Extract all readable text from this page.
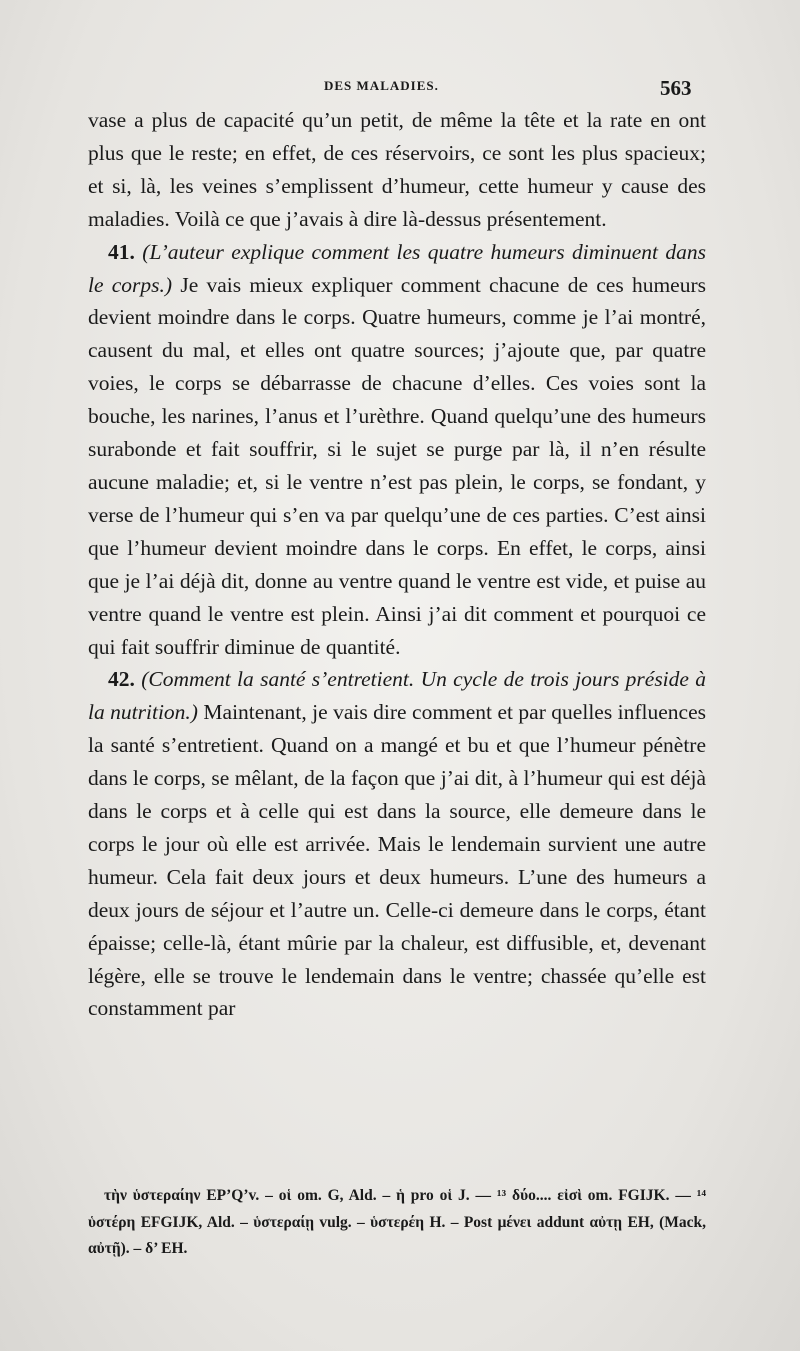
DES MALADIES.	563

vase a plus de capacité qu’un petit, de même la tête et la rate en ont plus que le reste; en effet, de ces réservoirs, ce sont les plus spacieux; et si, là, les veines s’emplissent d’humeur, cette humeur y cause des maladies. Voilà ce que j’avais à dire là-dessus présentement.

41. (L’auteur explique comment les quatre humeurs diminuent dans le corps.) Je vais mieux expliquer comment chacune de ces humeurs devient moindre dans le corps. Quatre humeurs, comme je l’ai montré, causent du mal, et elles ont quatre sources; j’ajoute que, par quatre voies, le corps se débarrasse de chacune d’elles. Ces voies sont la bouche, les narines, l’anus et l’urèthre. Quand quelqu’une des humeurs surabonde et fait souffrir, si le sujet se purge par là, il n’en résulte aucune maladie; et, si le ventre n’est pas plein, le corps, se fondant, y verse de l’humeur qui s’en va par quelqu’une de ces parties. C’est ainsi que l’humeur devient moindre dans le corps. En effet, le corps, ainsi que je l’ai déjà dit, donne au ventre quand le ventre est vide, et puise au ventre quand le ventre est plein. Ainsi j’ai dit comment et pourquoi ce qui fait souffrir diminue de quantité.

42. (Comment la santé s’entretient. Un cycle de trois jours préside à la nutrition.) Maintenant, je vais dire comment et par quelles influences la santé s’entretient. Quand on a mangé et bu et que l’humeur pénètre dans le corps, se mêlant, de la façon que j’ai dit, à l’humeur qui est déjà dans le corps et à celle qui est dans la source, elle demeure dans le corps le jour où elle est arrivée. Mais le lendemain survient une autre humeur. Cela fait deux jours et deux humeurs. L’une des humeurs a deux jours de séjour et l’autre un. Celle-ci demeure dans le corps, étant épaisse; celle-là, étant mûrie par la chaleur, est diffusible, et, devenant légère, elle se trouve le lendemain dans le ventre; chassée qu’elle est constamment par

τὴν ὑστεραίην EP’Q’v. – οἱ om. G, Ald. – ἡ pro οἱ J. — ¹³ δύο.... εἰσὶ om. FGIJK. — ¹⁴ ὑστέρη EFGIJK, Ald. – ὑστεραίῃ vulg. – ὑστερέη H. – Post μένει addunt αὐτῃ EH, (Mack, αὐτῇ). – δ’ EH.
